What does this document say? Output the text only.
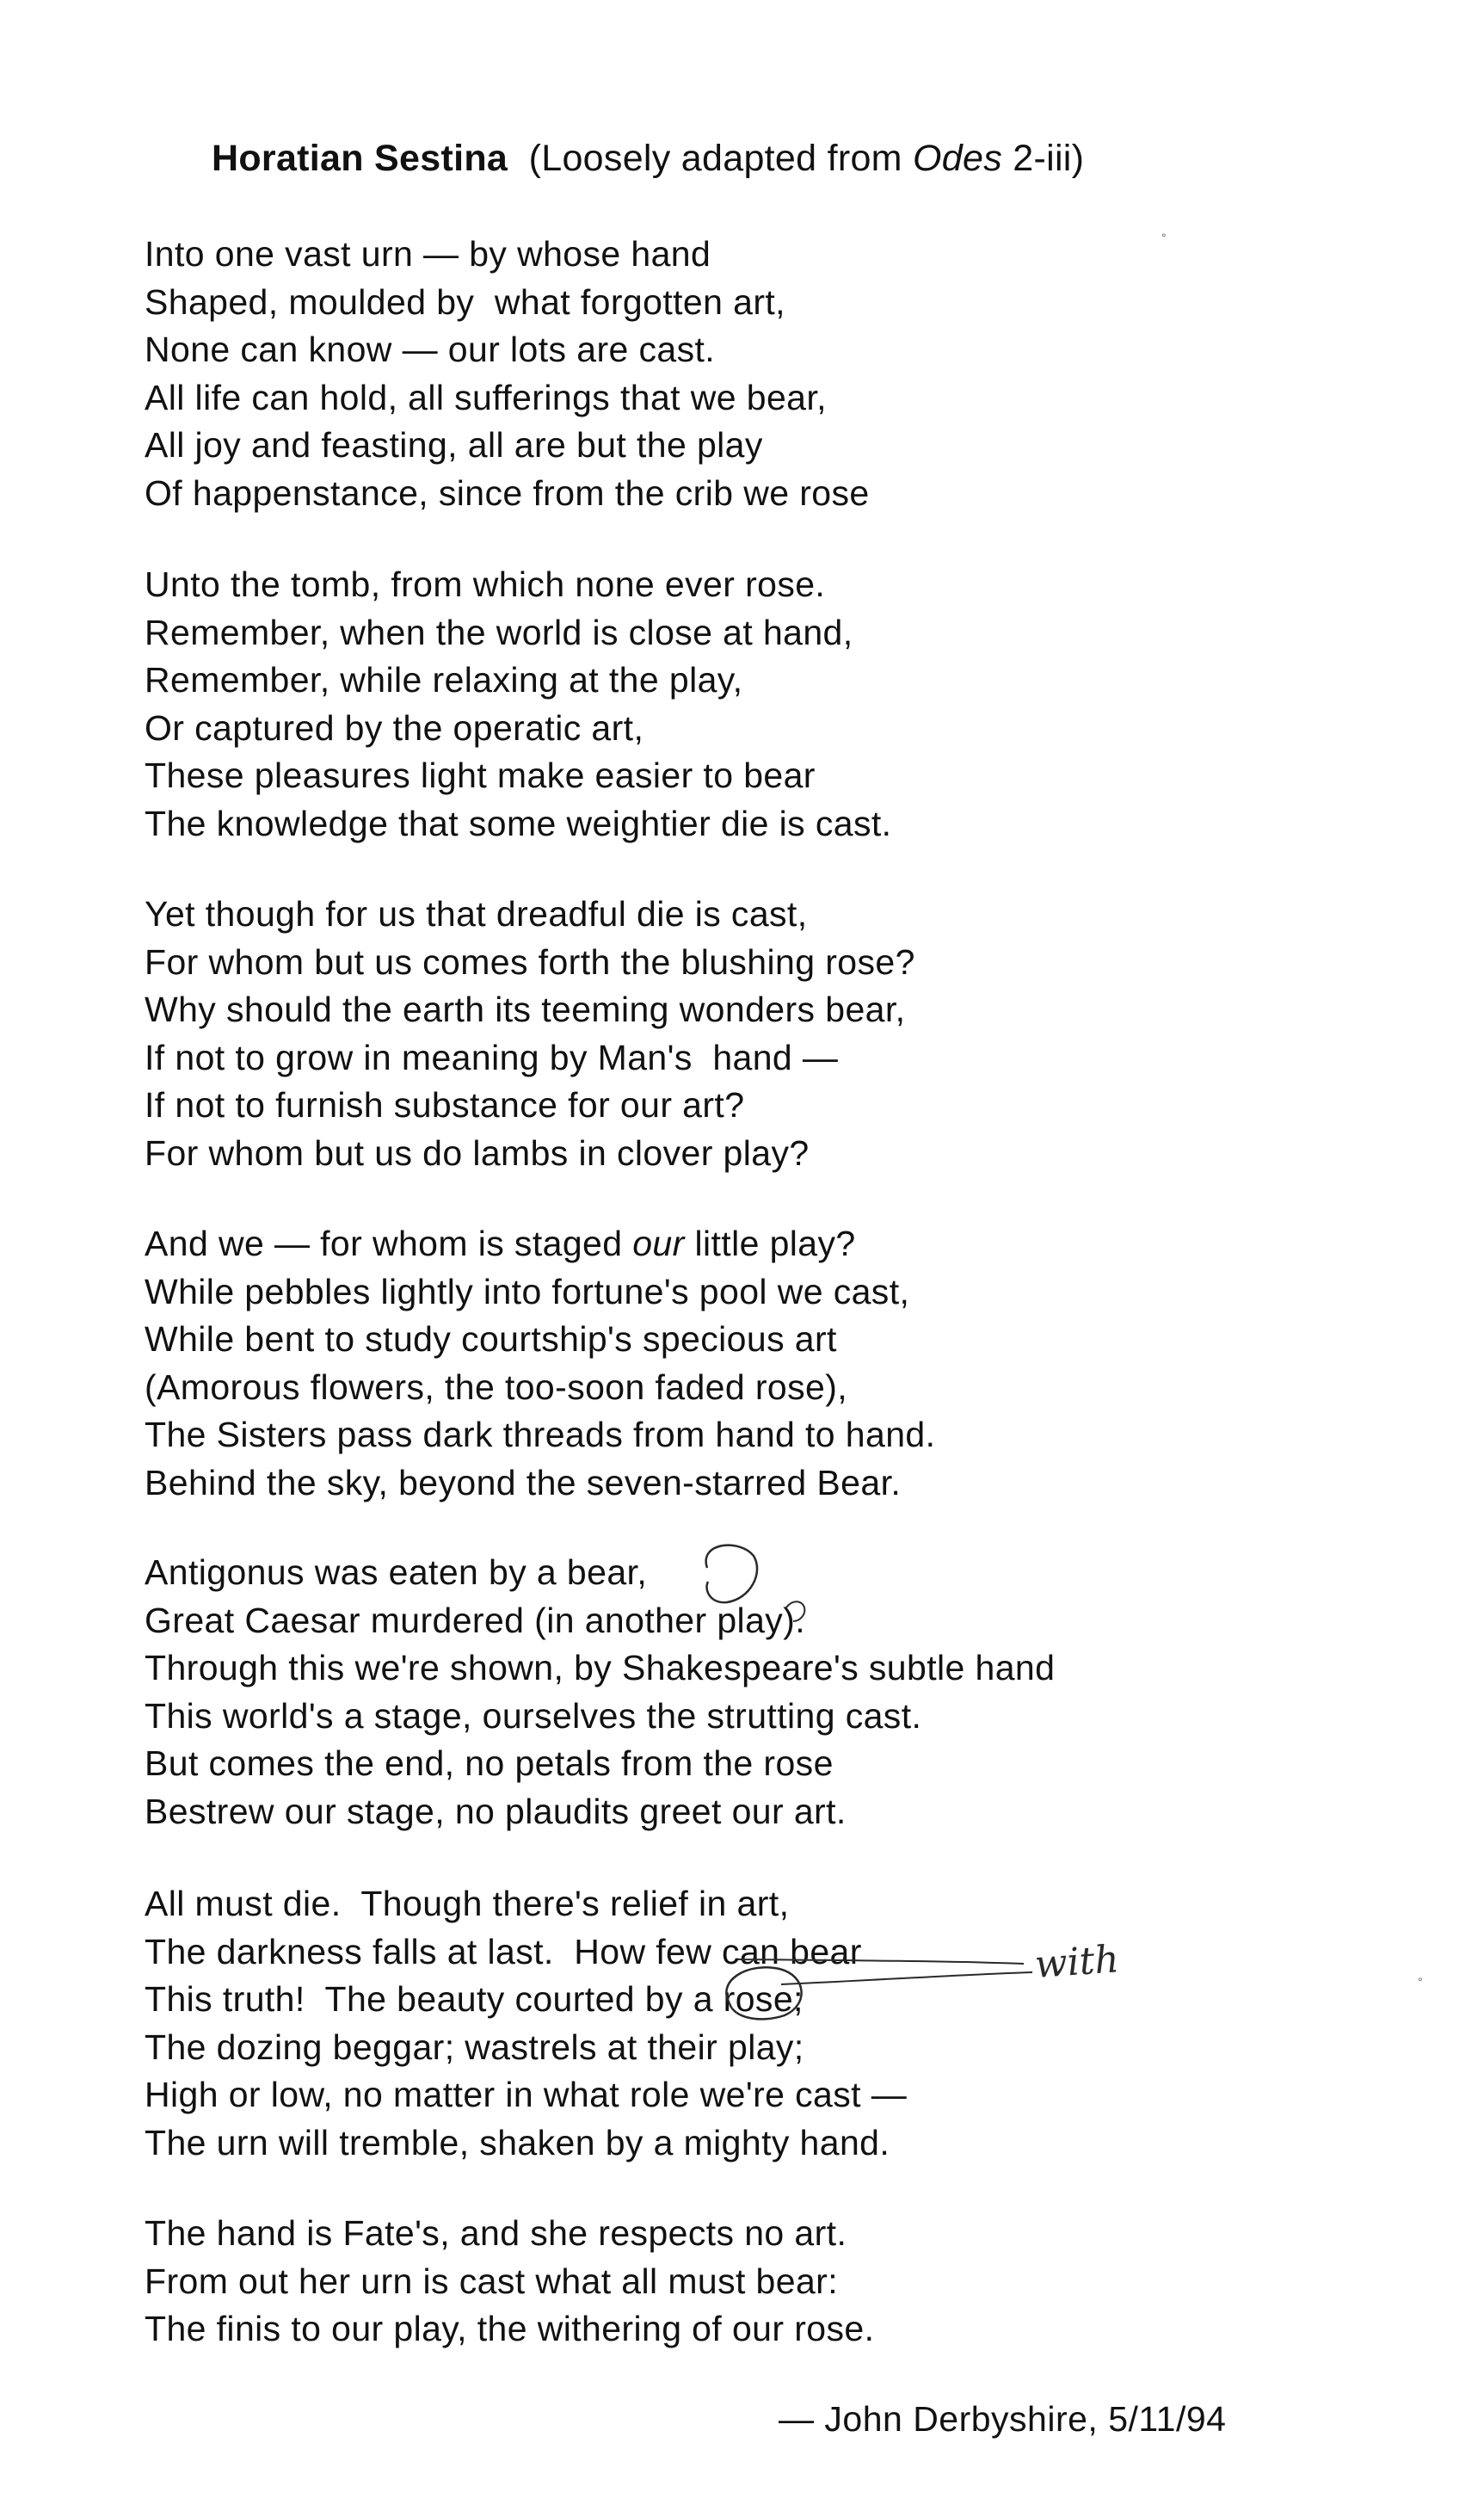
Horatian Sestina (Loosely adapted from Odes 2-iii)
Into one vast urn — by whose hand
Shaped, moulded by  what forgotten art,
None can know — our lots are cast.
All life can hold, all sufferings that we bear,
All joy and feasting, all are but the play
Of happenstance, since from the crib we rose
Unto the tomb, from which none ever rose.
Remember, when the world is close at hand,
Remember, while relaxing at the play,
Or captured by the operatic art,
These pleasures light make easier to bear
The knowledge that some weightier die is cast.
Yet though for us that dreadful die is cast,
For whom but us comes forth the blushing rose?
Why should the earth its teeming wonders bear,
If not to grow in meaning by Man's  hand —
If not to furnish substance for our art?
For whom but us do lambs in clover play?
And we — for whom is staged our little play?
While pebbles lightly into fortune's pool we cast,
While bent to study courtship's specious art
(Amorous flowers, the too-soon faded rose),
The Sisters pass dark threads from hand to hand.
Behind the sky, beyond the seven-starred Bear.
Antigonus was eaten by a bear,
Great Caesar murdered (in another play).
Through this we're shown, by Shakespeare's subtle hand
This world's a stage, ourselves the strutting cast.
But comes the end, no petals from the rose
Bestrew our stage, no plaudits greet our art.
All must die.  Though there's relief in art,
The darkness falls at last.  How few can bear
This truth!  The beauty courted by a rose;
The dozing beggar; wastrels at their play;
High or low, no matter in what role we're cast —
The urn will tremble, shaken by a mighty hand.
The hand is Fate's, and she respects no art.
From out her urn is cast what all must bear:
The finis to our play, the withering of our rose.
— John Derbyshire, 5/11/94
with
°
°
